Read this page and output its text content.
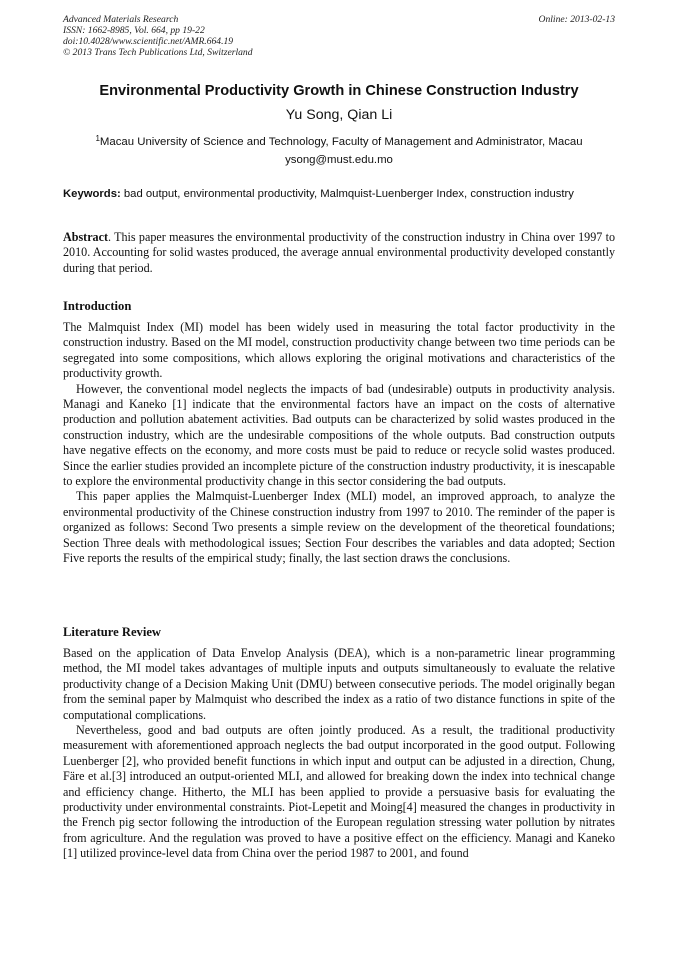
Advanced Materials Research
ISSN: 1662-8985, Vol. 664, pp 19-22
doi:10.4028/www.scientific.net/AMR.664.19
© 2013 Trans Tech Publications Ltd, Switzerland
Online: 2013-02-13
Environmental Productivity Growth in Chinese Construction Industry
Yu Song, Qian Li
$^1$Macau University of Science and Technology, Faculty of Management and Administrator, Macau
ysong@must.edu.mo
Keywords: bad output, environmental productivity, Malmquist-Luenberger Index, construction industry

Abstract. This paper measures the environmental productivity of the construction industry in China over 1997 to 2010. Accounting for solid wastes produced, the average annual environmental productivity developed constantly during that period.

Introduction

The Malmquist Index (MI) model has been widely used in measuring the total factor productivity in the construction industry. Based on the MI model, construction productivity change between two time periods can be segregated into some compositions, which allows exploring the original motivations and characteristics of the productivity growth.

However, the conventional model neglects the impacts of bad (undesirable) outputs in productivity analysis. Managi and Kaneko [1] indicate that the environmental factors have an impact on the costs of alternative production and pollution abatement activities. Bad outputs can be characterized by solid wastes produced in the construction industry, which are the undesirable compositions of the whole outputs. Bad construction outputs have negative effects on the economy, and more costs must be paid to reduce or recycle solid wastes produced. Since the earlier studies provided an incomplete picture of the construction industry productivity, it is inescapable to explore the environmental productivity change in this sector considering the bad outputs.

This paper applies the Malmquist-Luenberger Index (MLI) model, an improved approach, to analyze the environmental productivity of the Chinese construction industry from 1997 to 2010. The reminder of the paper is organized as follows: Second Two presents a simple review on the development of the theoretical foundations; Section Three deals with methodological issues; Section Four describes the variables and data adopted; Section Five reports the results of the empirical study; finally, the last section draws the conclusions.

Literature Review

Based on the application of Data Envelop Analysis (DEA), which is a non-parametric linear programming method, the MI model takes advantages of multiple inputs and outputs simultaneously to evaluate the relative productivity change of a Decision Making Unit (DMU) between consecutive periods. The model originally began from the seminal paper by Malmquist who described the index as a ratio of two distance functions in spite of the computational complications.

Nevertheless, good and bad outputs are often jointly produced. As a result, the traditional productivity measurement with aforementioned approach neglects the bad output incorporated in the good output. Following Luenberger [2], who provided benefit functions in which input and output can be adjusted in a direction, Chung, Färe et al.[3] introduced an output-oriented MLI, and allowed for breaking down the index into technical change and efficiency change. Hitherto, the MLI has been applied to provide a persuasive basis for evaluating the productivity under environmental constraints. Piot-Lepetit and Moing[4] measured the changes in productivity in the French pig sector following the introduction of the European regulation stressing water pollution by nitrates from agriculture. And the regulation was proved to have a positive effect on the efficiency. Managi and Kaneko [1] utilized province-level data from China over the period 1987 to 2001, and found
